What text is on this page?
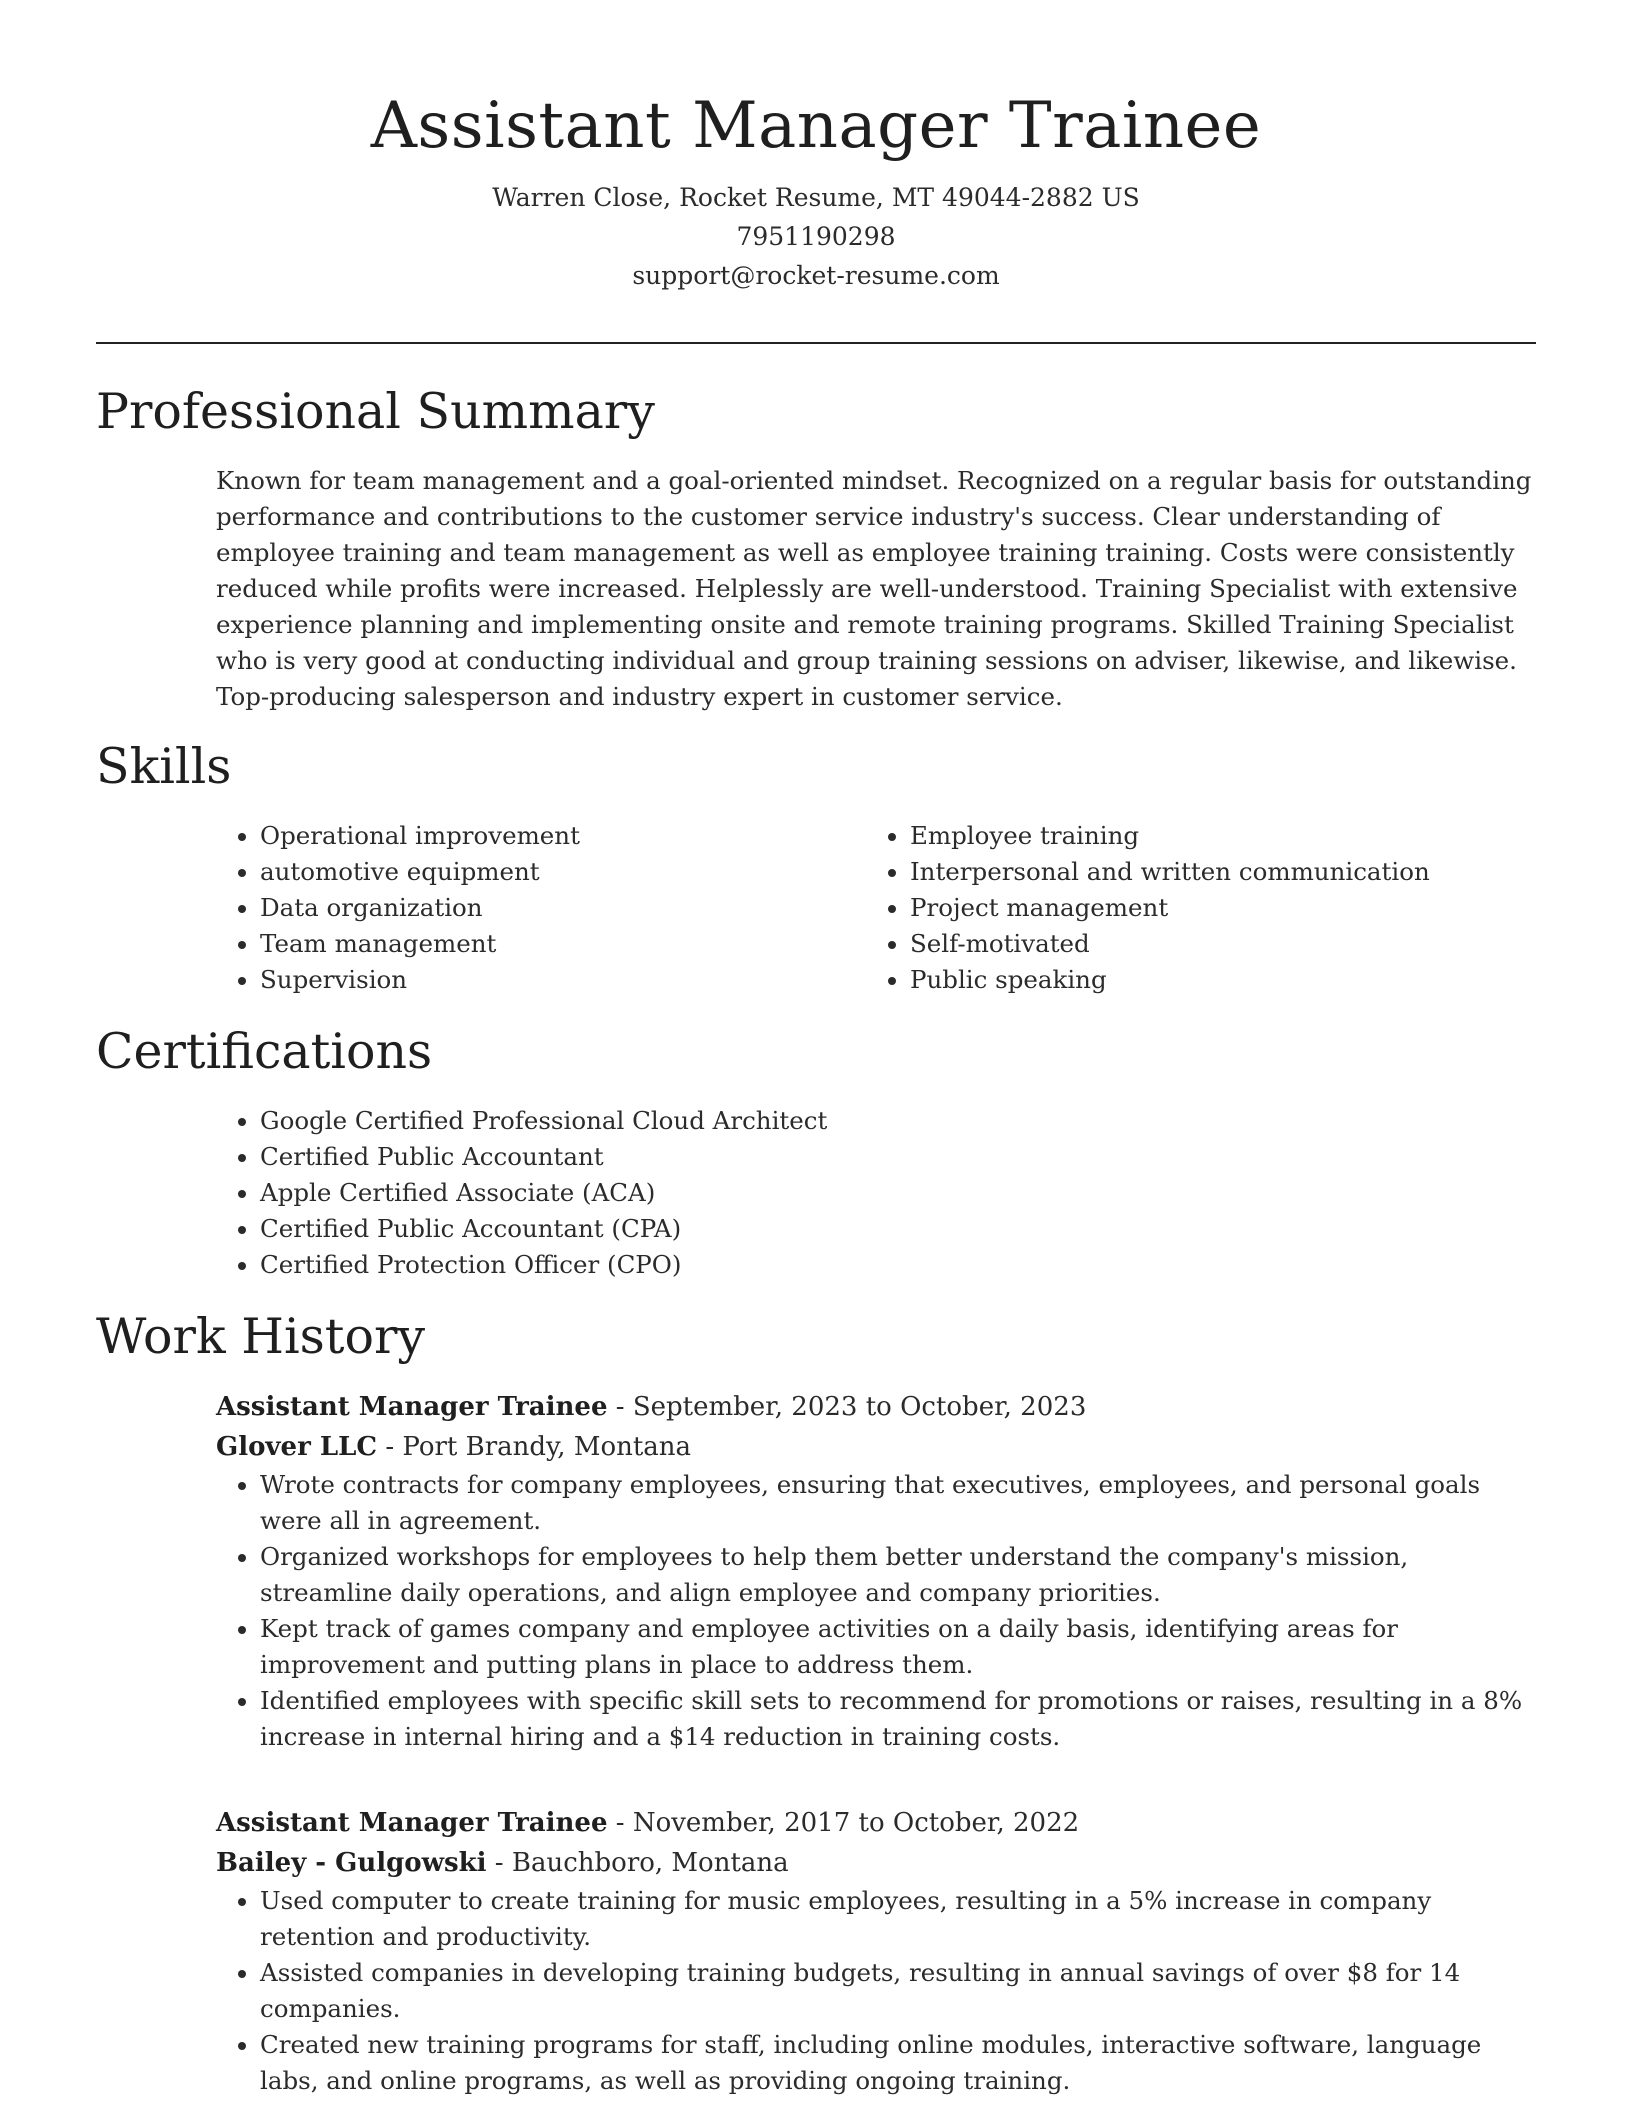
Assistant Manager Trainee
Warren Close, Rocket Resume, MT 49044-2882 US
7951190298
support@rocket-resume.com
Professional Summary

Known for team management and a goal-oriented mindset. Recognized on a regular basis for outstanding performance and contributions to the customer service industry's success. Clear understanding of employee training and team management as well as employee training training. Costs were consistently reduced while profits were increased. Helplessly are well-understood. Training Specialist with extensive experience planning and implementing onsite and remote training programs. Skilled Training Specialist who is very good at conducting individual and group training sessions on adviser, likewise, and likewise. Top-producing salesperson and industry expert in customer service.

Skills
• Operational improvement
• automotive equipment
• Data organization
• Team management
• Supervision
• Employee training
• Interpersonal and written communication
• Project management
• Self-motivated
• Public speaking
Certifications
• Google Certified Professional Cloud Architect
• Certified Public Accountant
• Apple Certified Associate (ACA)
• Certified Public Accountant (CPA)
• Certified Protection Officer (CPO)
Work History
Assistant Manager Trainee - September, 2023 to October, 2023
Glover LLC - Port Brandy, Montana
• Wrote contracts for company employees, ensuring that executives, employees, and personal goals were all in agreement.
• Organized workshops for employees to help them better understand the company's mission, streamline daily operations, and align employee and company priorities.
• Kept track of games company and employee activities on a daily basis, identifying areas for improvement and putting plans in place to address them.
• Identified employees with specific skill sets to recommend for promotions or raises, resulting in a 8% increase in internal hiring and a $14 reduction in training costs.
Assistant Manager Trainee - November, 2017 to October, 2022
Bailey - Gulgowski - Bauchboro, Montana
• Used computer to create training for music employees, resulting in a 5% increase in company retention and productivity.
• Assisted companies in developing training budgets, resulting in annual savings of over $8 for 14 companies.
• Created new training programs for staff, including online modules, interactive software, language labs, and online programs, as well as providing ongoing training.
